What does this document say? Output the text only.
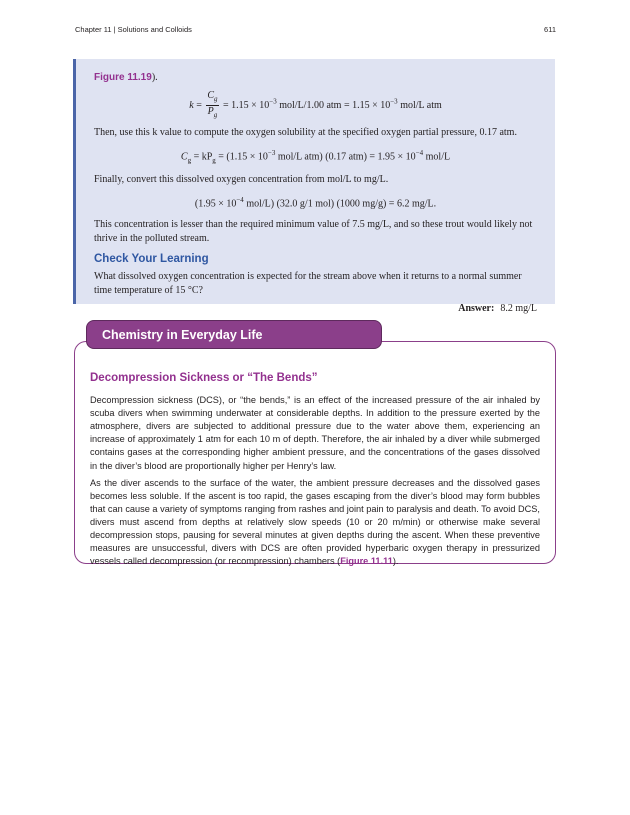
Chapter 11 | Solutions and Colloids	611

Figure 11.19).

$k = \frac{C_g}{P_g} = 1.15 \times 10^{-3}$ mol/L/1.00 atm = $1.15 \times 10^{-3}$ mol/L atm

Then, use this k value to compute the oxygen solubility at the specified oxygen partial pressure, 0.17 atm.

$C_g = kP_g = (1.15 \times 10^{-3}$ mol/L atm) (0.17 $atm) = 1.95 \times 10^{-4}$ mol/L

Finally, convert this dissolved oxygen concentration from mol/L to mg/L.

($1.95 \times 10^{-4}$ mol/L) (32.0 g/1 mol) (1000 mg/g) = 6.2 mg/L.

This concentration is lesser than the required minimum value of 7.5 mg/L, and so these trout would likely not thrive in the polluted stream.

Check Your Learning

What dissolved oxygen concentration is expected for the stream above when it returns to a normal summer time temperature of 15 °C?

Answer: 8.2 mg/L
Decompression Sickness or “The Bends”

Decompression sickness (DCS), or “the bends,” is an effect of the increased pressure of the air inhaled by scuba divers when swimming underwater at considerable depths. In addition to the pressure exerted by the atmosphere, divers are subjected to additional pressure due to the water above them, experiencing an increase of approximately 1 atm for each 10 m of depth. Therefore, the air inhaled by a diver while submerged contains gases at the corresponding higher ambient pressure, and the concentrations of the gases dissolved in the diver’s blood are proportionally higher per Henry’s law.

As the diver ascends to the surface of the water, the ambient pressure decreases and the dissolved gases becomes less soluble. If the ascent is too rapid, the gases escaping from the diver’s blood may form bubbles that can cause a variety of symptoms ranging from rashes and joint pain to paralysis and death. To avoid DCS, divers must ascend from depths at relatively slow speeds (10 or 20 m/min) or otherwise make several decompression stops, pausing for several minutes at given depths during the ascent. When these preventive measures are unsuccessful, divers with DCS are often provided hyperbaric oxygen therapy in pressurized vessels called decompression (or recompression) chambers (Figure 11.11).

Chemistry in Everyday Life
